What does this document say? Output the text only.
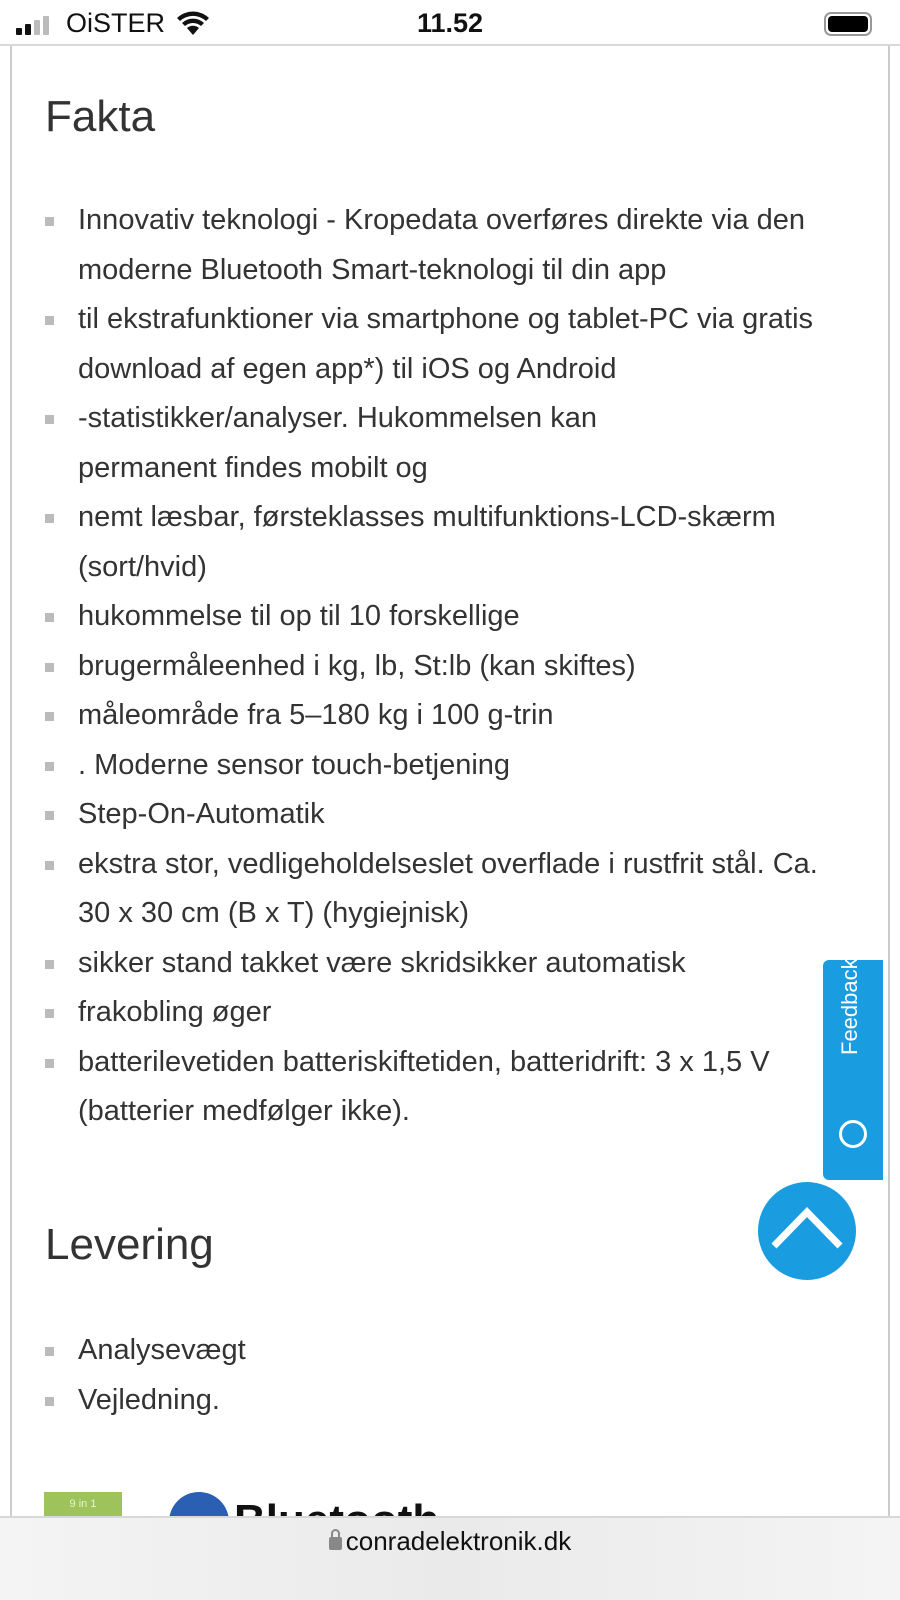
OiSTER	11.52
Fakta
Innovativ teknologi - Kropedata overføres direkte via den moderne Bluetooth Smart-teknologi til din app
til ekstrafunktioner via smartphone og tablet-PC via gratis download af egen app*) til iOS og Android
-statistikker/analyser. Hukommelsen kan permanent findes mobilt og
nemt læsbar, førsteklasses multifunktions-LCD-skærm (sort/hvid)
hukommelse til op til 10 forskellige
brugermåleenhed i kg, lb, St:lb (kan skiftes)
måleområde fra 5–180 kg i 100 g-trin
. Moderne sensor touch-betjening
Step-On-Automatik
ekstra stor, vedligeholdelseslet overflade i rustfrit stål. Ca. 30 x 30 cm (B x T) (hygiejnisk)
sikker stand takket være skridsikker automatisk
frakobling øger
batterilevetiden batteriskiftetiden, batteridrift: 3 x 1,5 V (batterier medfølger ikke).
Levering
Analysevægt
Vejledning.
9 in 1
Feedback
conradelektronik.dk
